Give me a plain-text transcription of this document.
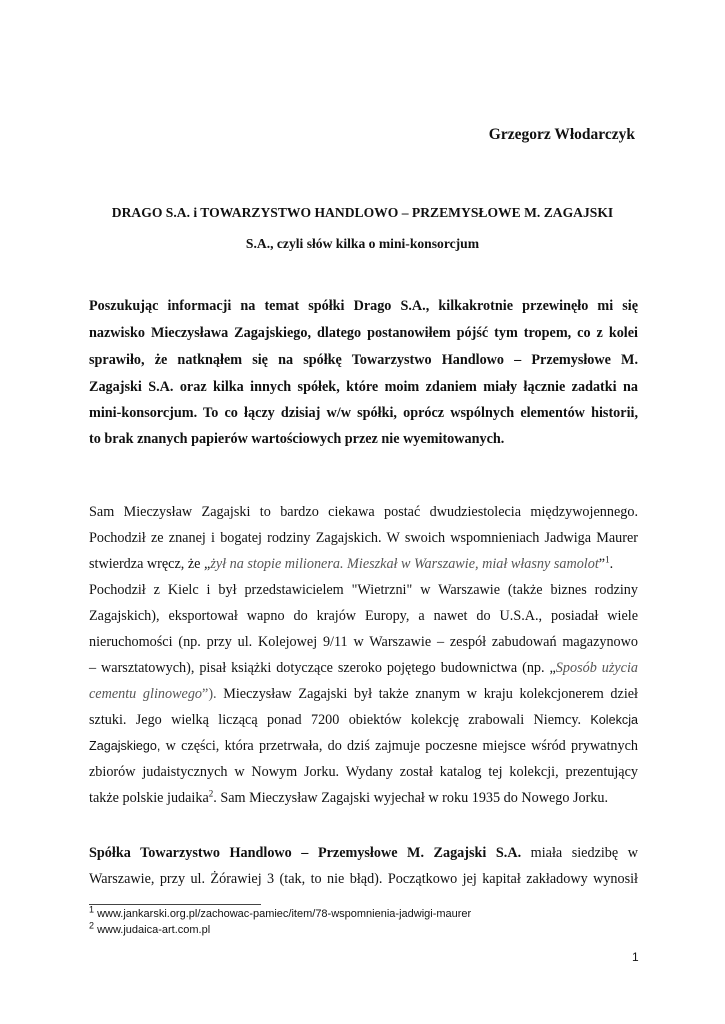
Grzegorz Włodarczyk
DRAGO S.A. i TOWARZYSTWO HANDLOWO – PRZEMYSŁOWE M. ZAGAJSKI
S.A., czyli słów kilka o mini-konsorcjum

Poszukując informacji na temat spółki Drago S.A., kilkakrotnie przewinęło mi się

nazwisko Mieczysława Zagajskiego, dlatego postanowiłem pójść tym tropem, co z kolei

sprawiło, że natknąłem się na spółkę Towarzystwo Handlowo – Przemysłowe M.

Zagajski S.A. oraz kilka innych spółek, które moim zdaniem miały łącznie zadatki na

mini-konsorcjum. To co łączy dzisiaj w/w spółki, oprócz wspólnych elementów historii,

to brak znanych papierów wartościowych przez nie wyemitowanych.

Sam Mieczysław Zagajski to bardzo ciekawa postać dwudziestolecia międzywojennego.

Pochodził ze znanej i bogatej rodziny Zagajskich. W swoich wspomnieniach Jadwiga Maurer

stwierdza wręcz, że „żył na stopie milionera. Mieszkał w Warszawie, miał własny samolot”$^1$.

Pochodził z Kielc i był przedstawicielem "Wietrzni" w Warszawie (także biznes rodziny

Zagajskich), eksportował wapno do krajów Europy, a nawet do U.S.A., posiadał wiele

nieruchomości (np. przy ul. Kolejowej 9/11 w Warszawie – zespół zabudowań magazynowo

– warsztatowych), pisał książki dotyczące szeroko pojętego budownictwa (np. „Sposób użycia

cementu glinowego”). Mieczysław Zagajski był także znanym w kraju kolekcjonerem dzieł

sztuki. Jego wielką liczącą ponad 7200 obiektów kolekcję zrabowali Niemcy. Kolekcja

Zagajskiego, w części, która przetrwała, do dziś zajmuje poczesne miejsce wśród prywatnych

zbiorów judaistycznych w Nowym Jorku. Wydany został katalog tej kolekcji, prezentujący

także polskie judaika$^2$. Sam Mieczysław Zagajski wyjechał w roku 1935 do Nowego Jorku.

Spółka Towarzystwo Handlowo – Przemysłowe M. Zagajski S.A. miała siedzibę w

Warszawie, przy ul. Żórawiej 3 (tak, to nie błąd). Początkowo jej kapitał zakładowy wynosił

$^1$ www.jankarski.org.pl/zachowac-pamiec/item/78-wspomnienia-jadwigi-maurer
$^2$ www.judaica-art.com.pl
1
